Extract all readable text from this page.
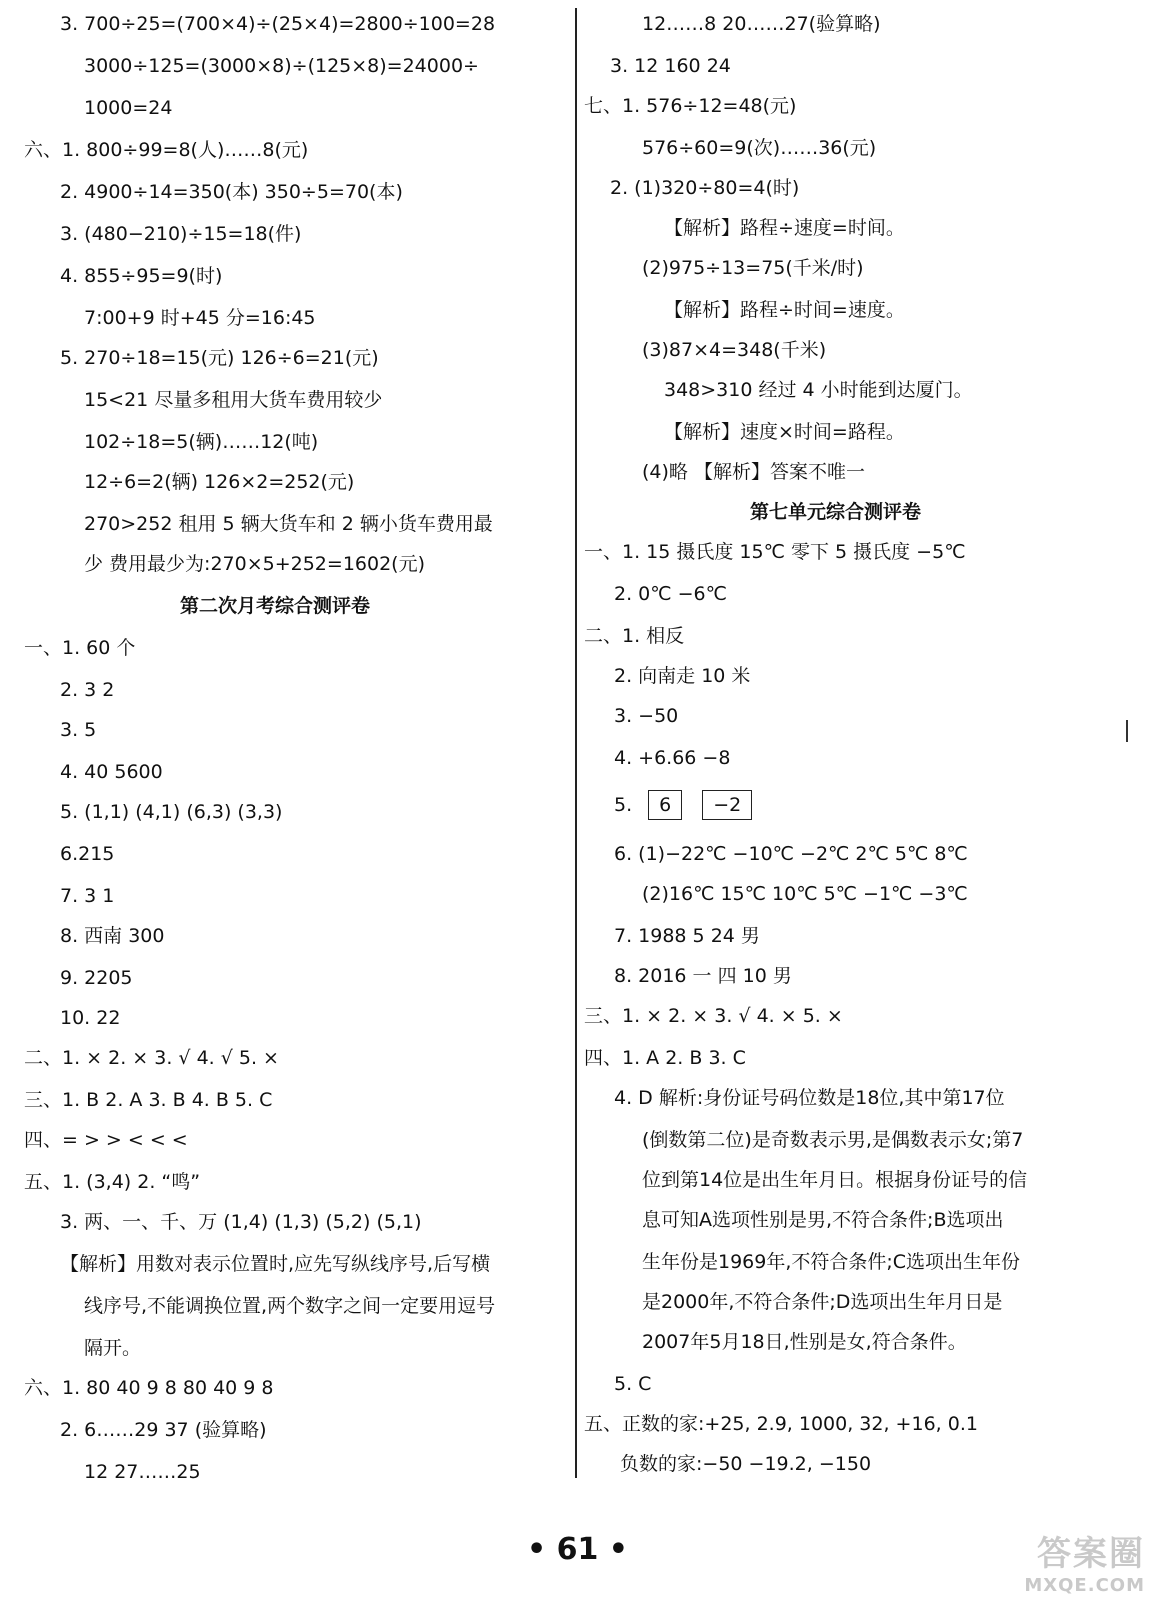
3. 700÷25=(700×4)÷(25×4)=2800÷100=28
3000÷125=(3000×8)÷(125×8)=24000÷
1000=24
六、1. 800÷99=8(人)……8(元)
2. 4900÷14=350(本) 350÷5=70(本)
3. (480−210)÷15=18(件)
4. 855÷95=9(时)
7:00+9 时+45 分=16:45
5. 270÷18=15(元) 126÷6=21(元)
15<21 尽量多租用大货车费用较少
102÷18=5(辆)……12(吨)
12÷6=2(辆) 126×2=252(元)
270>252 租用 5 辆大货车和 2 辆小货车费用最
少 费用最少为:270×5+252=1602(元)
第二次月考综合测评卷
一、1. 60 个
2. 3 2
3. 5
4. 40 5600
5. (1,1) (4,1) (6,3) (3,3)
6.215
7. 3 1
8. 西南 300
9. 2205
10. 22
二、1. × 2. × 3. √ 4. √ 5. ×
三、1. B 2. A 3. B 4. B 5. C
四、= > > < < <
五、1. (3,4) 2. “鸣”
3. 两、一、千、万 (1,4) (1,3) (5,2) (5,1)
【解析】用数对表示位置时,应先写纵线序号,后写横
线序号,不能调换位置,两个数字之间一定要用逗号
隔开。
六、1. 80 40 9 8 80 40 9 8
2. 6……29 37 (验算略)
12 27……25
12……8 20……27(验算略)
3. 12 160 24
七、1. 576÷12=48(元)
576÷60=9(次)……36(元)
2. (1)320÷80=4(时)
【解析】路程÷速度=时间。
(2)975÷13=75(千米/时)
【解析】路程÷时间=速度。
(3)87×4=348(千米)
348>310 经过 4 小时能到达厦门。
【解析】速度×时间=路程。
(4)略 【解析】答案不唯一
第七单元综合测评卷
一、1. 15 摄氏度 15℃ 零下 5 摄氏度 −5℃
2. 0℃ −6℃
二、1. 相反
2. 向南走 10 米
3. −50
4. +6.66 −8
5. 6 −2
6. (1)−22℃ −10℃ −2℃ 2℃ 5℃ 8℃
(2)16℃ 15℃ 10℃ 5℃ −1℃ −3℃
7. 1988 5 24 男
8. 2016 一 四 10 男
三、1. × 2. × 3. √ 4. × 5. ×
四、1. A 2. B 3. C
4. D 解析:身份证号码位数是18位,其中第17位
(倒数第二位)是奇数表示男,是偶数表示女;第7
位到第14位是出生年月日。根据身份证号的信
息可知A选项性别是男,不符合条件;B选项出
生年份是1969年,不符合条件;C选项出生年份
是2000年,不符合条件;D选项出生年月日是
2007年5月18日,性别是女,符合条件。
5. C
五、正数的家:+25, 2.9, 1000, 32, +16, 0.1
负数的家:−50 −19.2, −150
• 61 •	答案圈
MXQE.COM
